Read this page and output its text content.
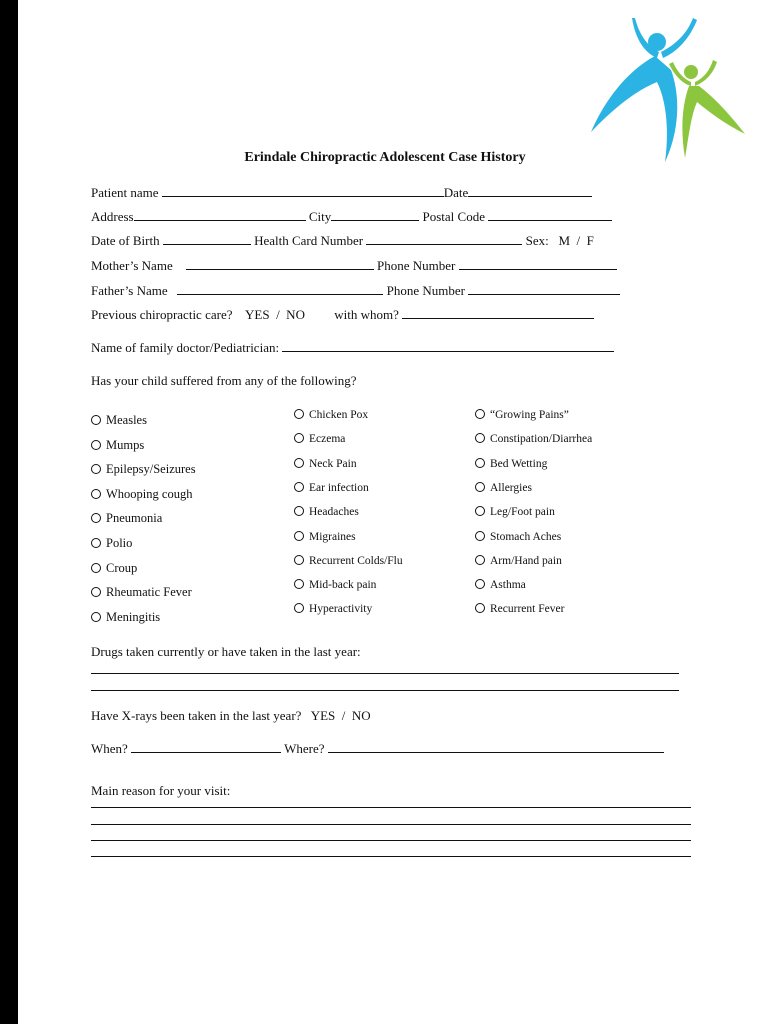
Erindale Chiropractic Adolescent Case History
Patient name	Date
Address	City	Postal Code
Date of Birth	Health Card Number	Sex: M  /  F
Mother’s Name	Phone Number
Father’s Name	Phone Number
Previous chiropractic care? YES  /  NO with whom?
Name of family doctor/Pediatrician:
Has your child suffered from any of the following?
Measles
Mumps
Epilepsy/Seizures
Whooping cough
Pneumonia
Polio
Croup
Rheumatic Fever
Meningitis
Chicken Pox
Eczema
Neck Pain
Ear infection
Headaches
Migraines
Recurrent Colds/Flu
Mid-back pain
Hyperactivity
“Growing Pains”
Constipation/Diarrhea
Bed Wetting
Allergies
Leg/Foot pain
Stomach Aches
Arm/Hand pain
Asthma
Recurrent Fever
Drugs taken currently or have taken in the last year:
Have X-rays been taken in the last year? YES  /  NO
When?	Where?
Main reason for your visit:
